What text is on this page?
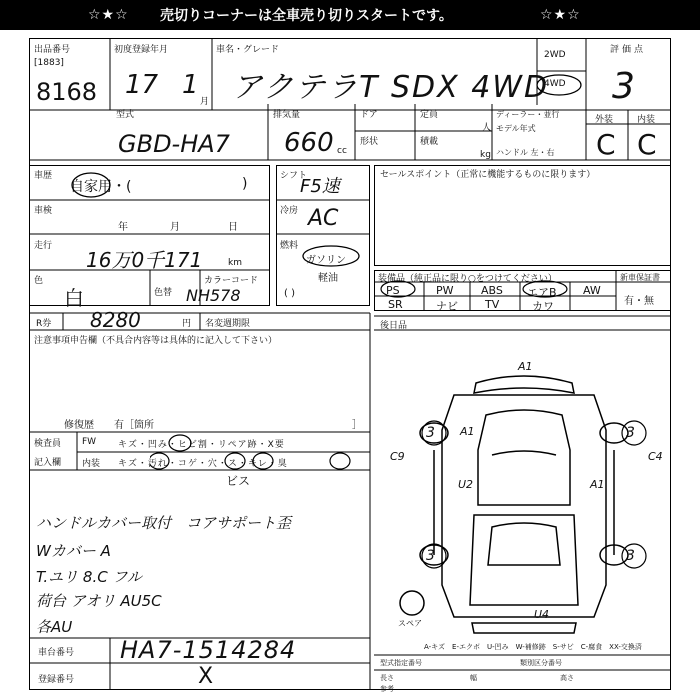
☆★☆ 売切りコーナーは全車売り切りスタートです。	☆★☆
出品番号
[1883]
8168
初度登録年月
17 1
月
車名・グレード
アクテラT SDX 4WD
2WD
4WD
評価点
3
外装	内装
C C
型式
GBD-HA7
排気量
660 cc
ドア
形状
定員
人
積載
kg
ディーラー・並行
モデル年式
ハンドル 左・右
車歴
自家用・(	)
車検
年	月	日
走行
16万0千171	km
色
白	色替
カラーコード
NH578
シフト
F5速
冷房 AC
燃料
ガソリン
軽油
( )
セールスポイント（正常に機能するものに限ります）
装備品（純正品に限り○をつけてください）
PS	PW ABS エアB AW
SR	ナビ TV	カワ
新車保証書
有・無
R券 8280	円 名変週期限	後日品
注意事項申告欄（不具合内容等は具体的に記入して下さい）
修復歴　　有［箇所	］
検査員
記入欄
FW キズ・凹み・ヒビ割・リペア跡・X要
内装 キズ・汚れ・コゲ・穴・ス・キレ・臭
ビス
ハンドルカバー取付　コアサポート歪
Wカバー A
T.ユリ 8.C フル
荷台 アオリ AU5C
各AU
車台番号 HA7-1514284
登録番号	X
A1
3 A1	3
C9	C4
U2	A1
3	3
U4
スペア
A-キズ　E-エクボ　U-凹み　W-補修跡　S-サビ　C-腐食　XX-交換済
型式指定番号	類別区分番号
長さ	幅	高さ
参考
